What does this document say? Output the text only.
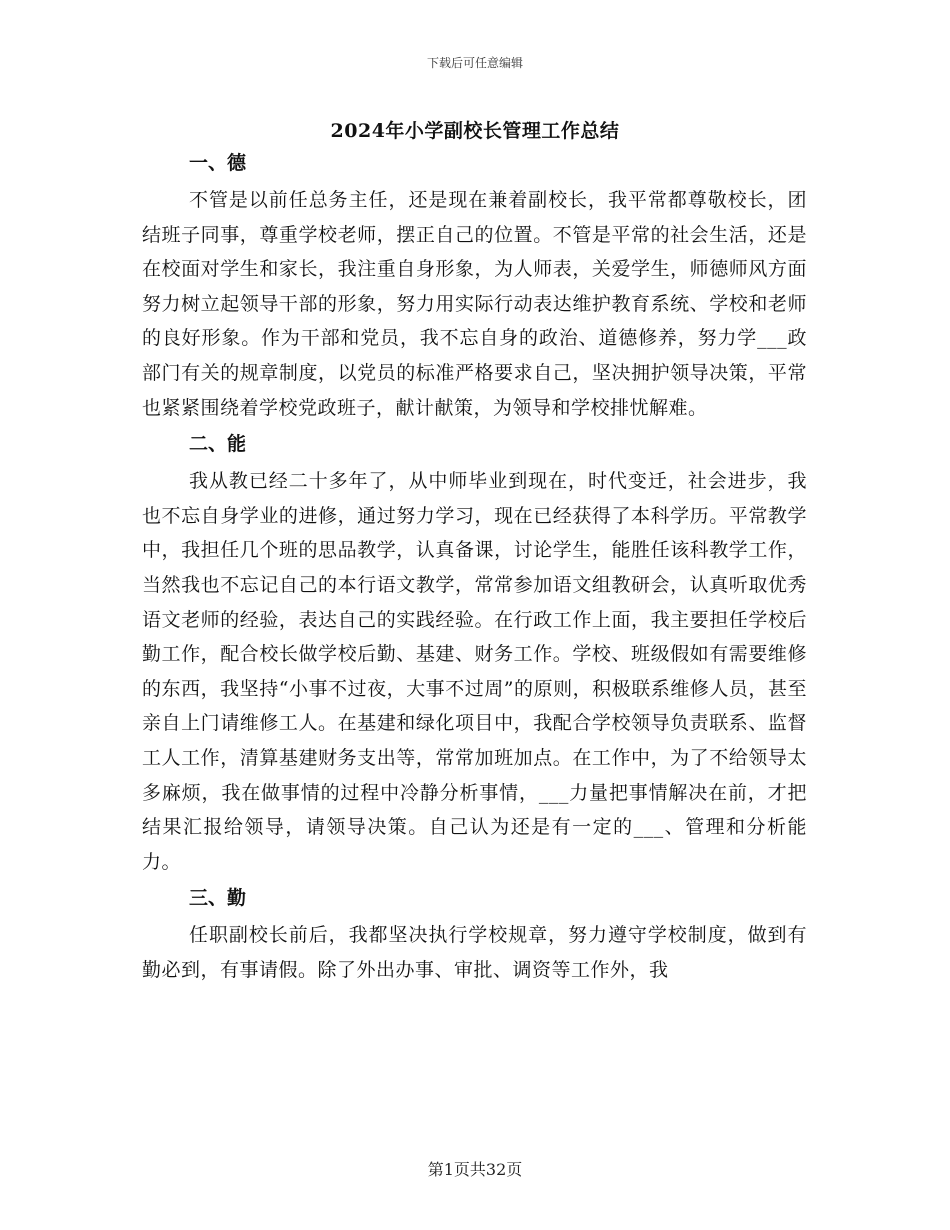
下载后可任意编辑
2024年小学副校长管理工作总结
一、德

不管是以前任总务主任，还是现在兼着副校长，我平常都尊敬校长，团结班子同事，尊重学校老师，摆正自己的位置。不管是平常的社会生活，还是在校面对学生和家长，我注重自身形象，为人师表，关爱学生，师德师风方面努力树立起领导干部的形象，努力用实际行动表达维护教育系统、学校和老师的良好形象。作为干部和党员，我不忘自身的政治、道德修养，努力学___政部门有关的规章制度，以党员的标准严格要求自己，坚决拥护领导决策，平常也紧紧围绕着学校党政班子，献计献策，为领导和学校排忧解难。

二、能

我从教已经二十多年了，从中师毕业到现在，时代变迁，社会进步，我也不忘自身学业的进修，通过努力学习，现在已经获得了本科学历。平常教学中，我担任几个班的思品教学，认真备课，讨论学生，能胜任该科教学工作，当然我也不忘记自己的本行语文教学，常常参加语文组教研会，认真听取优秀语文老师的经验，表达自己的实践经验。在行政工作上面，我主要担任学校后勤工作，配合校长做学校后勤、基建、财务工作。学校、班级假如有需要维修的东西，我坚持“小事不过夜，大事不过周”的原则，积极联系维修人员，甚至亲自上门请维修工人。在基建和绿化项目中，我配合学校领导负责联系、监督工人工作，清算基建财务支出等，常常加班加点。在工作中，为了不给领导太多麻烦，我在做事情的过程中冷静分析事情，___力量把事情解决在前，才把结果汇报给领导，请领导决策。自己认为还是有一定的___、管理和分析能力。

三、勤

任职副校长前后，我都坚决执行学校规章，努力遵守学校制度，做到有勤必到，有事请假。除了外出办事、审批、调资等工作外，我

第1页共32页
